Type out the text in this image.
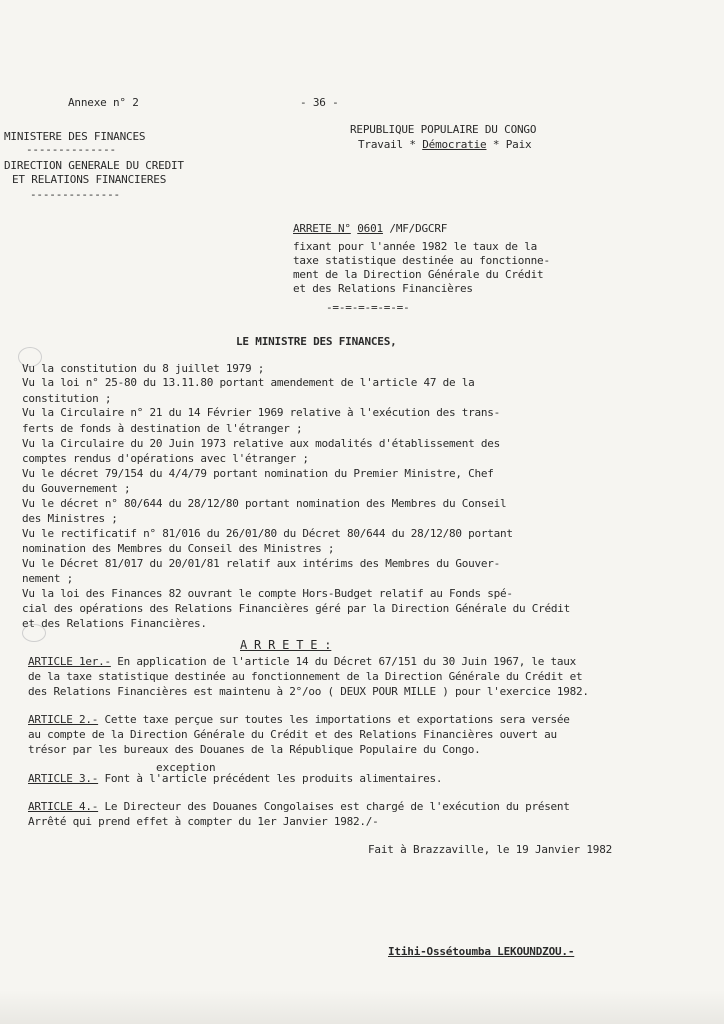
Annexe n° 2	- 36 -
MINISTERE DES FINANCES
--------------
DIRECTION GENERALE DU CREDIT
ET RELATIONS FINANCIERES
--------------
REPUBLIQUE POPULAIRE DU CONGO
Travail * Démocratie * Paix
ARRETE N° 0601 /MF/DGCRF
fixant pour l'année 1982 le taux de la
taxe statistique destinée au fonctionne-
ment de la Direction Générale du Crédit
et des Relations Financières
-=-=-=-=-=-=-
LE MINISTRE DES FINANCES,
Vu la constitution du 8 juillet 1979 ;
Vu la loi n° 25-80 du 13.11.80 portant amendement de l'article 47 de la
constitution ;
Vu la Circulaire n° 21 du 14 Février 1969 relative à l'exécution des trans-
ferts de fonds à destination de l'étranger ;
Vu la Circulaire du 20 Juin 1973 relative aux modalités d'établissement des
comptes rendus d'opérations avec l'étranger ;
Vu le décret 79/154 du 4/4/79 portant nomination du Premier Ministre, Chef
du Gouvernement ;
Vu le décret n° 80/644 du 28/12/80 portant nomination des Membres du Conseil
des Ministres ;
Vu le rectificatif n° 81/016 du 26/01/80 du Décret 80/644 du 28/12/80 portant
nomination des Membres du Conseil des Ministres ;
Vu le Décret 81/017 du 20/01/81 relatif aux intérims des Membres du Gouver-
nement ;
Vu la loi des Finances 82 ouvrant le compte Hors-Budget relatif au Fonds spé-
cial des opérations des Relations Financières géré par la Direction Générale du Crédit
et des Relations Financières.
A R R E T E :
ARTICLE 1er.- En application de l'article 14 du Décret 67/151 du 30 Juin 1967, le taux
de la taxe statistique destinée au fonctionnement de la Direction Générale du Crédit et
des Relations Financières est maintenu à 2°/oo ( DEUX POUR MILLE ) pour l'exercice 1982.
ARTICLE 2.- Cette taxe perçue sur toutes les importations et exportations sera versée
au compte de la Direction Générale du Crédit et des Relations Financières ouvert au
trésor par les bureaux des Douanes de la République Populaire du Congo.
exception
ARTICLE 3.- Font à l'article précédent les produits alimentaires.
ARTICLE 4.- Le Directeur des Douanes Congolaises est chargé de l'exécution du présent
Arrêté qui prend effet à compter du 1er Janvier 1982./-
Fait à Brazzaville, le 19 Janvier 1982
Itihi-Ossétoumba LEKOUNDZOU.-
